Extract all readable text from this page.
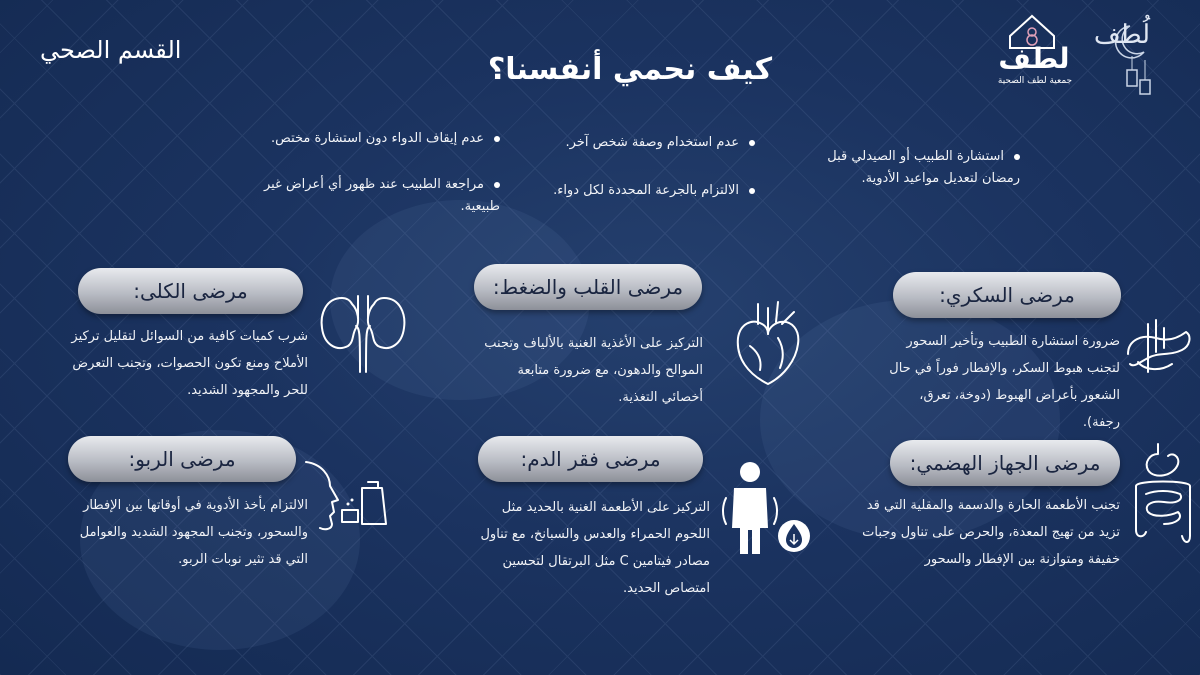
القسم الصحي
كيف نحمي أنفسنا؟	لطف
جمعية لطف الصحية
لُطف
استشارة الطبيب أو الصيدلي قبل رمضان لتعديل مواعيد الأدوية.
عدم استخدام وصفة شخص آخر.
الالتزام بالجرعة المحددة لكل دواء.
عدم إيقاف الدواء دون استشارة مختص.
مراجعة الطبيب عند ظهور أي أعراض غير طبيعية.
مرضى السكري:
ضرورة استشارة الطبيب وتأخير السحور لتجنب هبوط السكر، والإفطار فوراً في حال الشعور بأعراض الهبوط (دوخة، تعرق، رجفة).
مرضى القلب والضغط:
التركيز على الأغذية الغنية بالألياف وتجنب الموالح والدهون، مع ضرورة متابعة أخصائي التغذية.
مرضى الكلى:
شرب كميات كافية من السوائل لتقليل تركيز الأملاح ومنع تكون الحصوات، وتجنب التعرض للحر والمجهود الشديد.
مرضى الجهاز الهضمي:
تجنب الأطعمة الحارة والدسمة والمقلية التي قد تزيد من تهيج المعدة، والحرص على تناول وجبات خفيفة ومتوازنة بين الإفطار والسحور
مرضى فقر الدم:
التركيز على الأطعمة الغنية بالحديد مثل اللحوم الحمراء والعدس والسبانخ، مع تناول مصادر فيتامين C مثل البرتقال لتحسين امتصاص الحديد.
مرضى الربو:
الالتزام بأخذ الأدوية في أوقاتها بين الإفطار والسحور، وتجنب المجهود الشديد والعوامل التي قد تثير نوبات الربو.
